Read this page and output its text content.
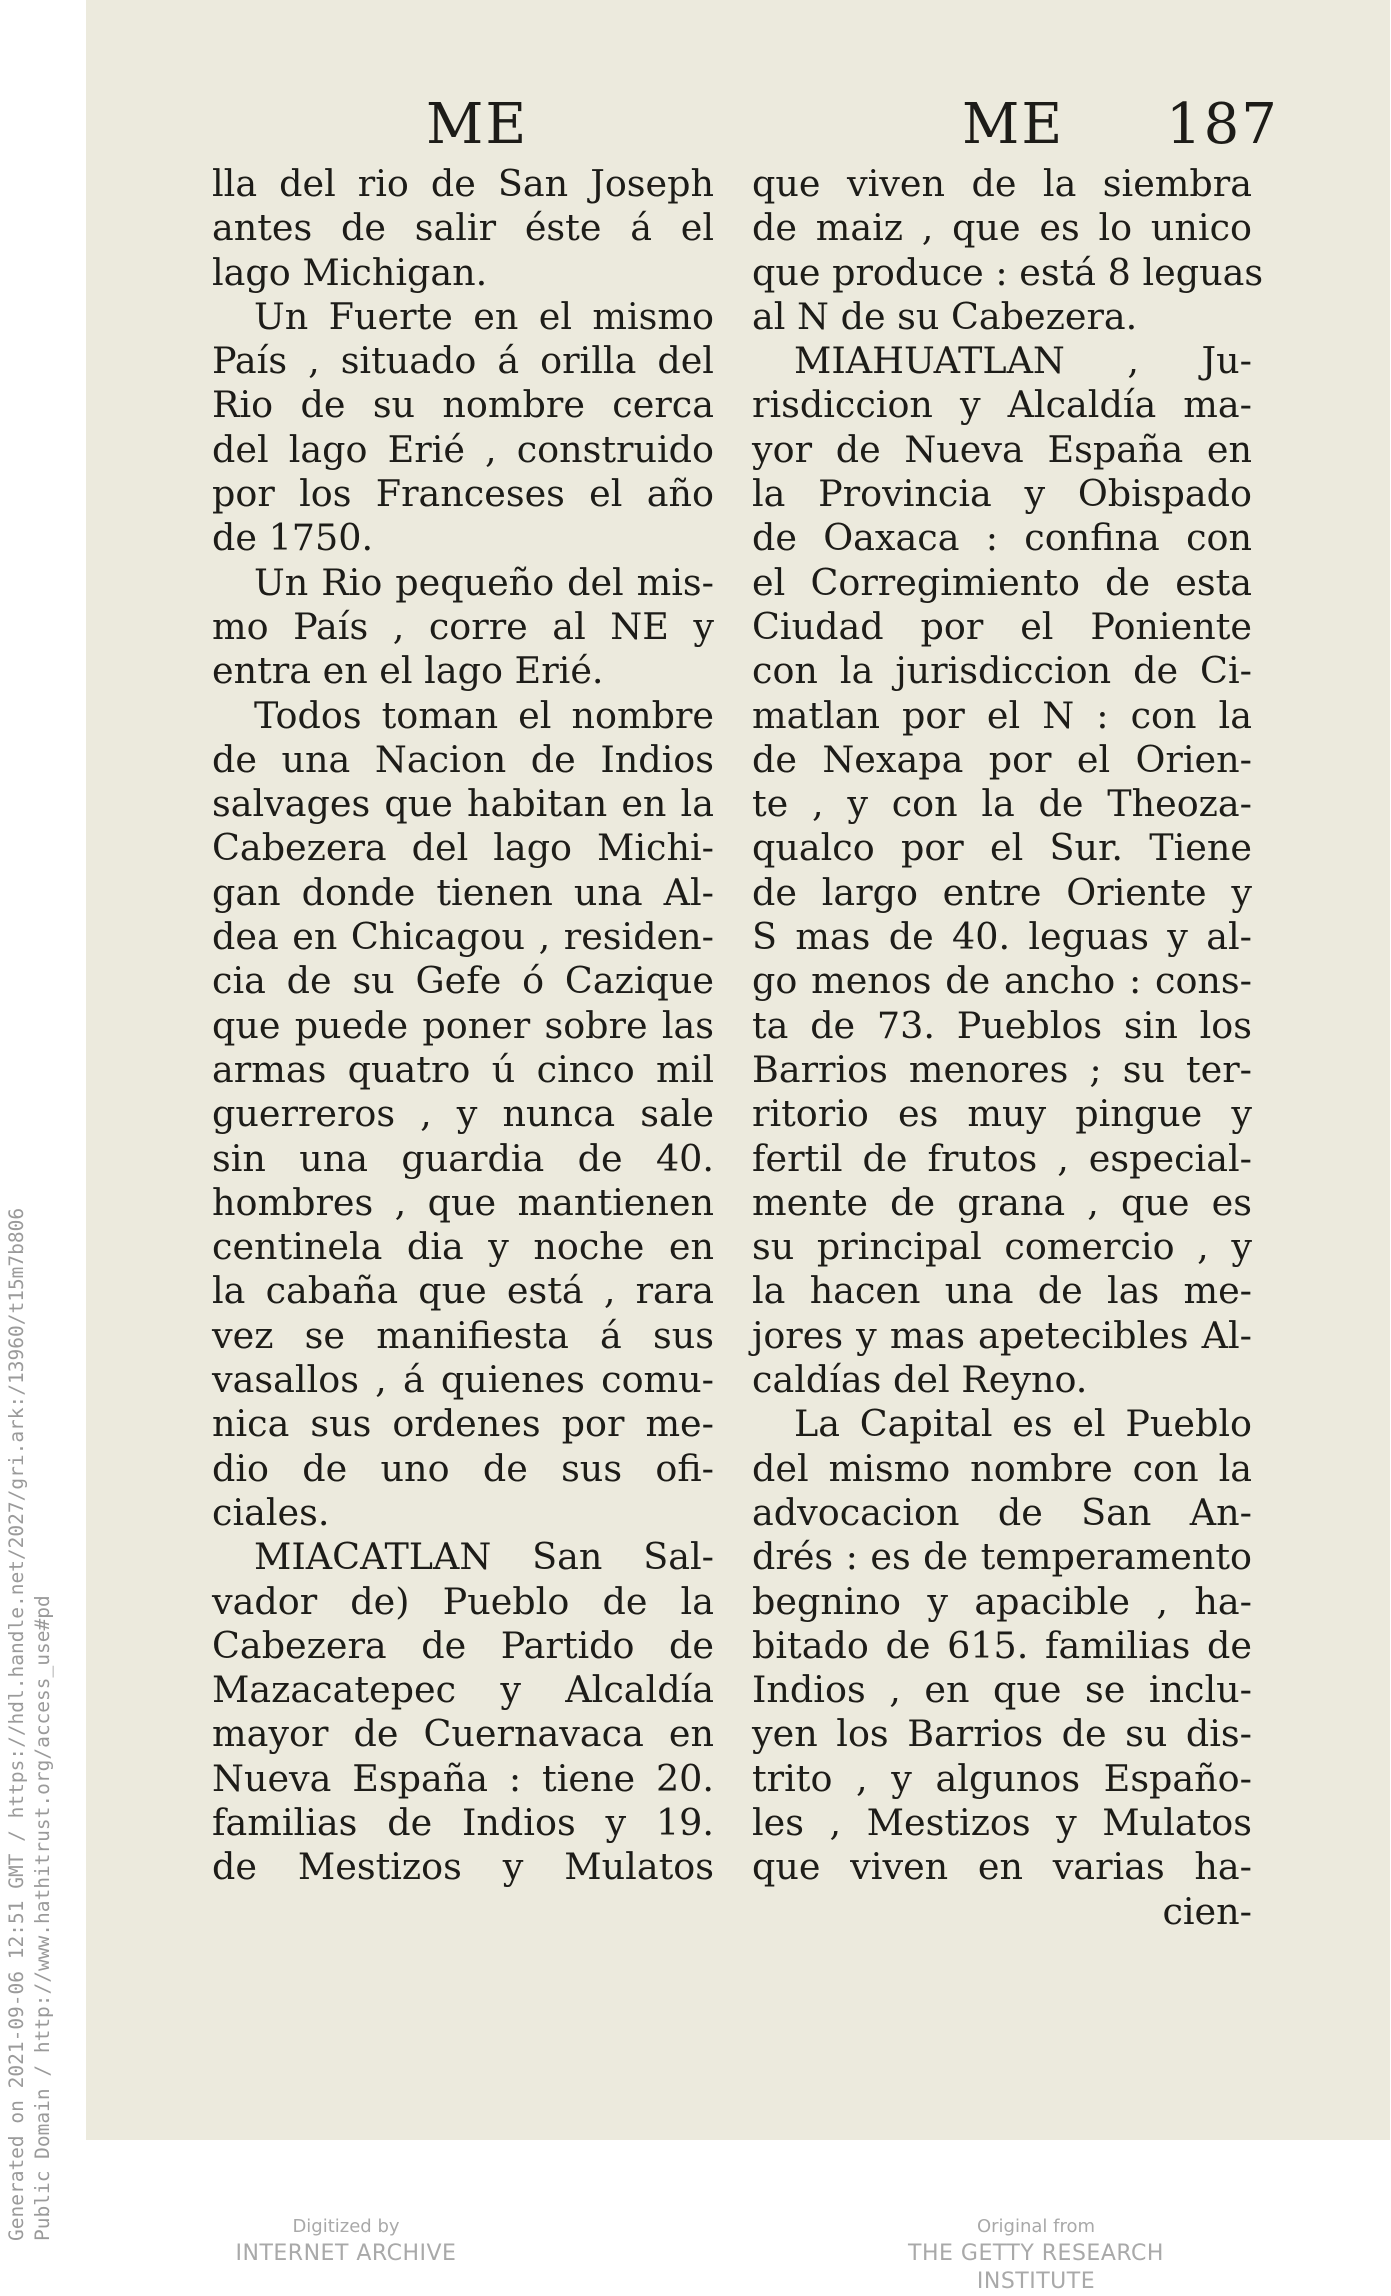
Generated on 2021-09-06 12:51 GMT / https://hdl.handle.net/2027/gri.ark:/13960/t15m7b806 Public Domain / http://www.hathitrust.org/access_use#pd
ME	ME 187
lla del rio de San Joseph
antes de salir éste á el
lago Michigan.
Un Fuerte en el mismo
País , situado á orilla del
Rio de su nombre cerca
del lago Erié , construido
por los Franceses el año
de 1750.
Un Rio pequeño del mis-
mo País , corre al NE y
entra en el lago Erié.
Todos toman el nombre
de una Nacion de Indios
salvages que habitan en la
Cabezera del lago Michi-
gan donde tienen una Al-
dea en Chicagou , residen-
cia de su Gefe ó Cazique
que puede poner sobre las
armas quatro ú cinco mil
guerreros , y nunca sale
sin una guardia de 40.
hombres , que mantienen
centinela dia y noche en
la cabaña que está , rara
vez se manifiesta á sus
vasallos , á quienes comu-
nica sus ordenes por me-
dio de uno de sus ofi-
ciales.
MIACATLAN San Sal-
vador de) Pueblo de la
Cabezera de Partido de
Mazacatepec y Alcaldía
mayor de Cuernavaca en
Nueva España : tiene 20.
familias de Indios y 19.
de Mestizos y Mulatos
que viven de la siembra
de maiz , que es lo unico
que produce : está 8 leguas
al N de su Cabezera.
MIAHUATLAN , Ju-
risdiccion y Alcaldía ma-
yor de Nueva España en
la Provincia y Obispado
de Oaxaca : confina con
el Corregimiento de esta
Ciudad por el Poniente
con la jurisdiccion de Ci-
matlan por el N : con la
de Nexapa por el Orien-
te , y con la de Theoza-
qualco por el Sur. Tiene
de largo entre Oriente y
S mas de 40. leguas y al-
go menos de ancho : cons-
ta de 73. Pueblos sin los
Barrios menores ; su ter-
ritorio es muy pingue y
fertil de frutos , especial-
mente de grana , que es
su principal comercio , y
la hacen una de las me-
jores y mas apetecibles Al-
caldías del Reyno.
La Capital es el Pueblo
del mismo nombre con la
advocacion de San An-
drés : es de temperamento
begnino y apacible , ha-
bitado de 615. familias de
Indios , en que se inclu-
yen los Barrios de su dis-
trito , y algunos Españo-
les , Mestizos y Mulatos
que viven en varias ha-
cien-
Digitized by
INTERNET ARCHIVE
Original from
THE GETTY RESEARCH INSTITUTE
